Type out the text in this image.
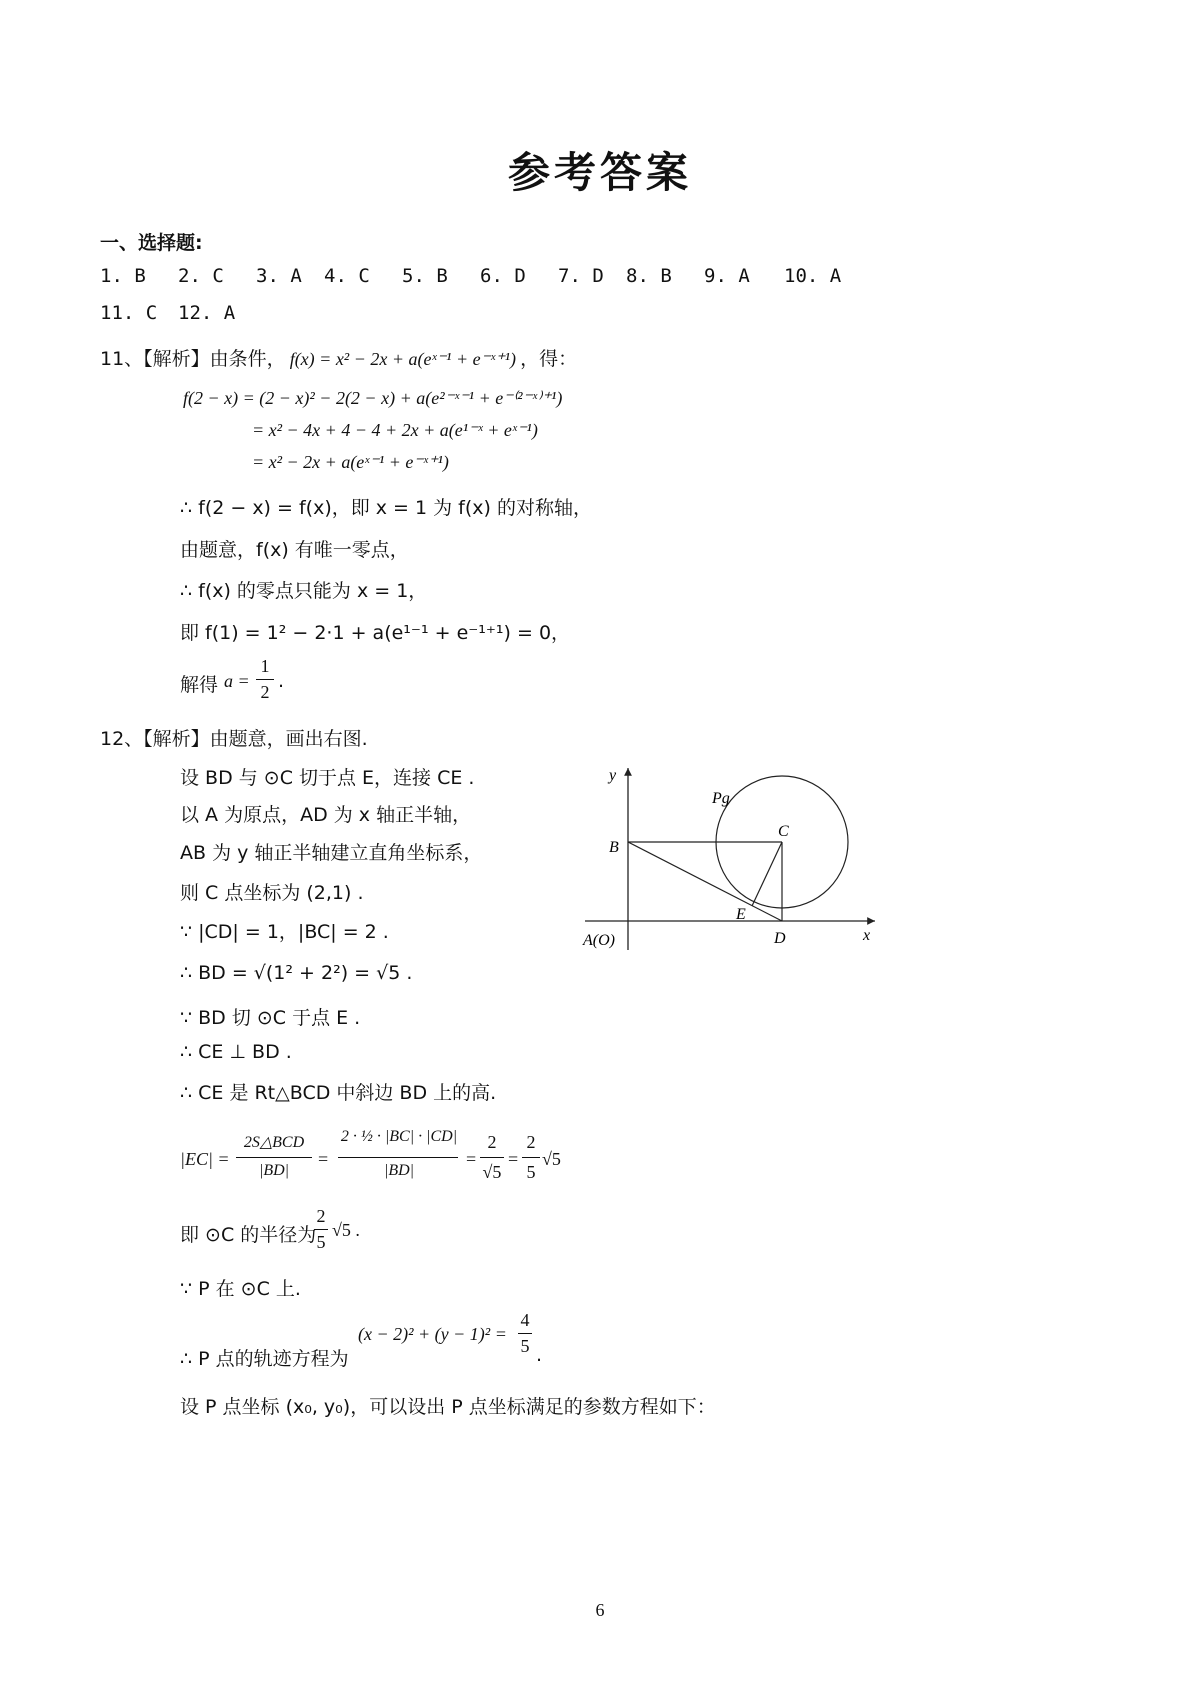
参考答案
一、选择题:
1. B 2. C 3. A 4. C 5. B 6. D 7. D 8. B 9. A 10. A
11. C 12. A
11、【解析】由条件， f(x) = x² − 2x + a(eˣ⁻¹ + e⁻ˣ⁺¹) ，得：
f(2 − x) = (2 − x)² − 2(2 − x) + a(e²⁻ˣ⁻¹ + e⁻⁽²⁻ˣ⁾⁺¹)
= x² − 4x + 4 − 4 + 2x + a(e¹⁻ˣ + eˣ⁻¹)
= x² − 2x + a(eˣ⁻¹ + e⁻ˣ⁺¹)
∴ f(2 − x) = f(x)，即 x = 1 为 f(x) 的对称轴，
由题意，f(x) 有唯一零点，
∴ f(x) 的零点只能为 x = 1，
即 f(1) = 1² − 2·1 + a(e¹⁻¹ + e⁻¹⁺¹) = 0，
解得 a =
1
2 .
12、【解析】由题意，画出右图.
设 BD 与 ⊙C 切于点 E，连接 CE .
以 A 为原点，AD 为 x 轴正半轴，
AB 为 y 轴正半轴建立直角坐标系，
则 C 点坐标为 (2,1) .
∵ |CD| = 1，|BC| = 2 .
∴ BD = √(1² + 2²) = √5 .
∵ BD 切 ⊙C 于点 E .
∴ CE ⊥ BD .
∴ CE 是 Rt△BCD 中斜边 BD 上的高.
|EC| =
2S△BCD
|BD|
=
2 · ½ · |BC| · |CD|
|BD|
=
2
√5
=
2
5
√5
即 ⊙C 的半径为
2
5
√5 .
∵ P 在 ⊙C 上.
∴ P 点的轨迹方程为
(x − 2)² + (y − 1)² =
4
5 .
设 P 点坐标 (x₀, y₀)，可以设出 P 点坐标满足的参数方程如下：
y
x
Pg
B
C
E
D
A(O)
6
